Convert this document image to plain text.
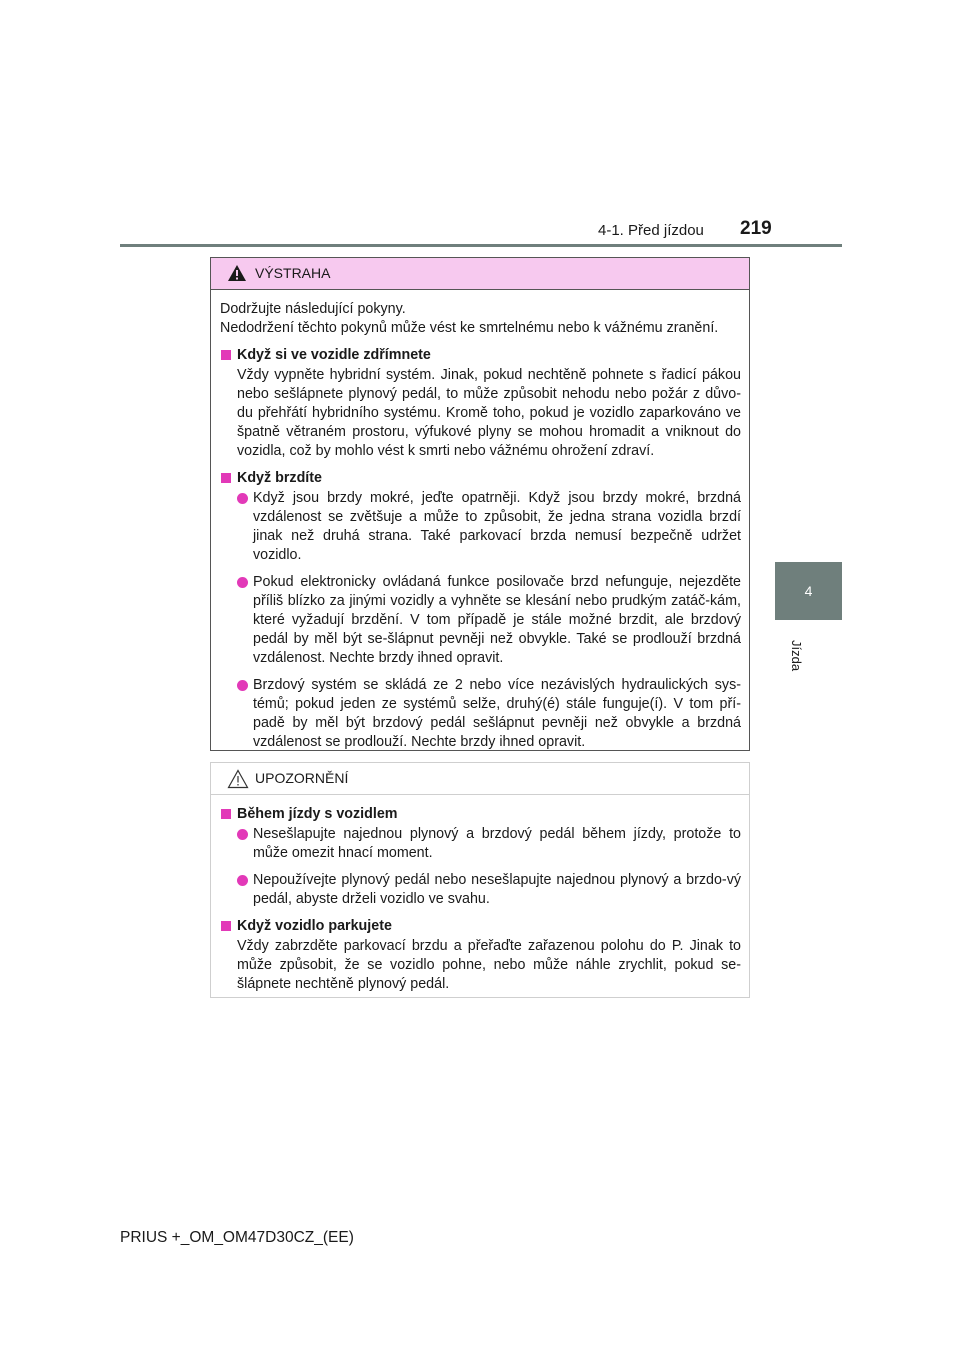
4-1. Před jízdou 219
4
Jízda
VÝSTRAHA

Dodržujte následující pokyny.

Nedodržení těchto pokynů může vést ke smrtelnému nebo k vážnému zranění.

Když si ve vozidle zdřímnete
Vždy vypněte hybridní systém. Jinak, pokud nechtěně pohnete s řadicí pákou nebo sešlápnete plynový pedál, to může způsobit nehodu nebo požár z důvo-du přehřátí hybridního systému. Kromě toho, pokud je vozidlo zaparkováno ve špatně větraném prostoru, výfukové plyny se mohou hromadit a vniknout do vozidla, což by mohlo vést k smrti nebo vážnému ohrožení zdraví.
Když brzdíte
Když jsou brzdy mokré, jeďte opatrněji. Když jsou brzdy mokré, brzdná vzdálenost se zvětšuje a může to způsobit, že jedna strana vozidla brzdí jinak než druhá strana. Také parkovací brzda nemusí bezpečně udržet vozidlo.
Pokud elektronicky ovládaná funkce posilovače brzd nefunguje, nejezděte příliš blízko za jinými vozidly a vyhněte se klesání nebo prudkým zatáč-kám, které vyžadují brzdění. V tom případě je stále možné brzdit, ale brzdový pedál by měl být se-šlápnut pevněji než obvykle. Také se prodlouží brzdná vzdálenost. Nechte brzdy ihned opravit.
Brzdový systém se skládá ze 2 nebo více nezávislých hydraulických sys-témů; pokud jeden ze systémů selže, druhý(é) stále funguje(í). V tom pří-padě by měl být brzdový pedál sešlápnut pevněji než obvykle a brzdná vzdálenost se prodlouží. Nechte brzdy ihned opravit.
UPOZORNĚNÍ
Během jízdy s vozidlem
Nesešlapujte najednou plynový a brzdový pedál během jízdy, protože to může omezit hnací moment.
Nepoužívejte plynový pedál nebo nesešlapujte najednou plynový a brzdo-vý pedál, abyste drželi vozidlo ve svahu.
Když vozidlo parkujete
Vždy zabrzděte parkovací brzdu a přeřaďte zařazenou polohu do P. Jinak to může způsobit, že se vozidlo pohne, nebo může náhle zrychlit, pokud se-šlápnete nechtěně plynový pedál.
PRIUS +_OM_OM47D30CZ_(EE)
